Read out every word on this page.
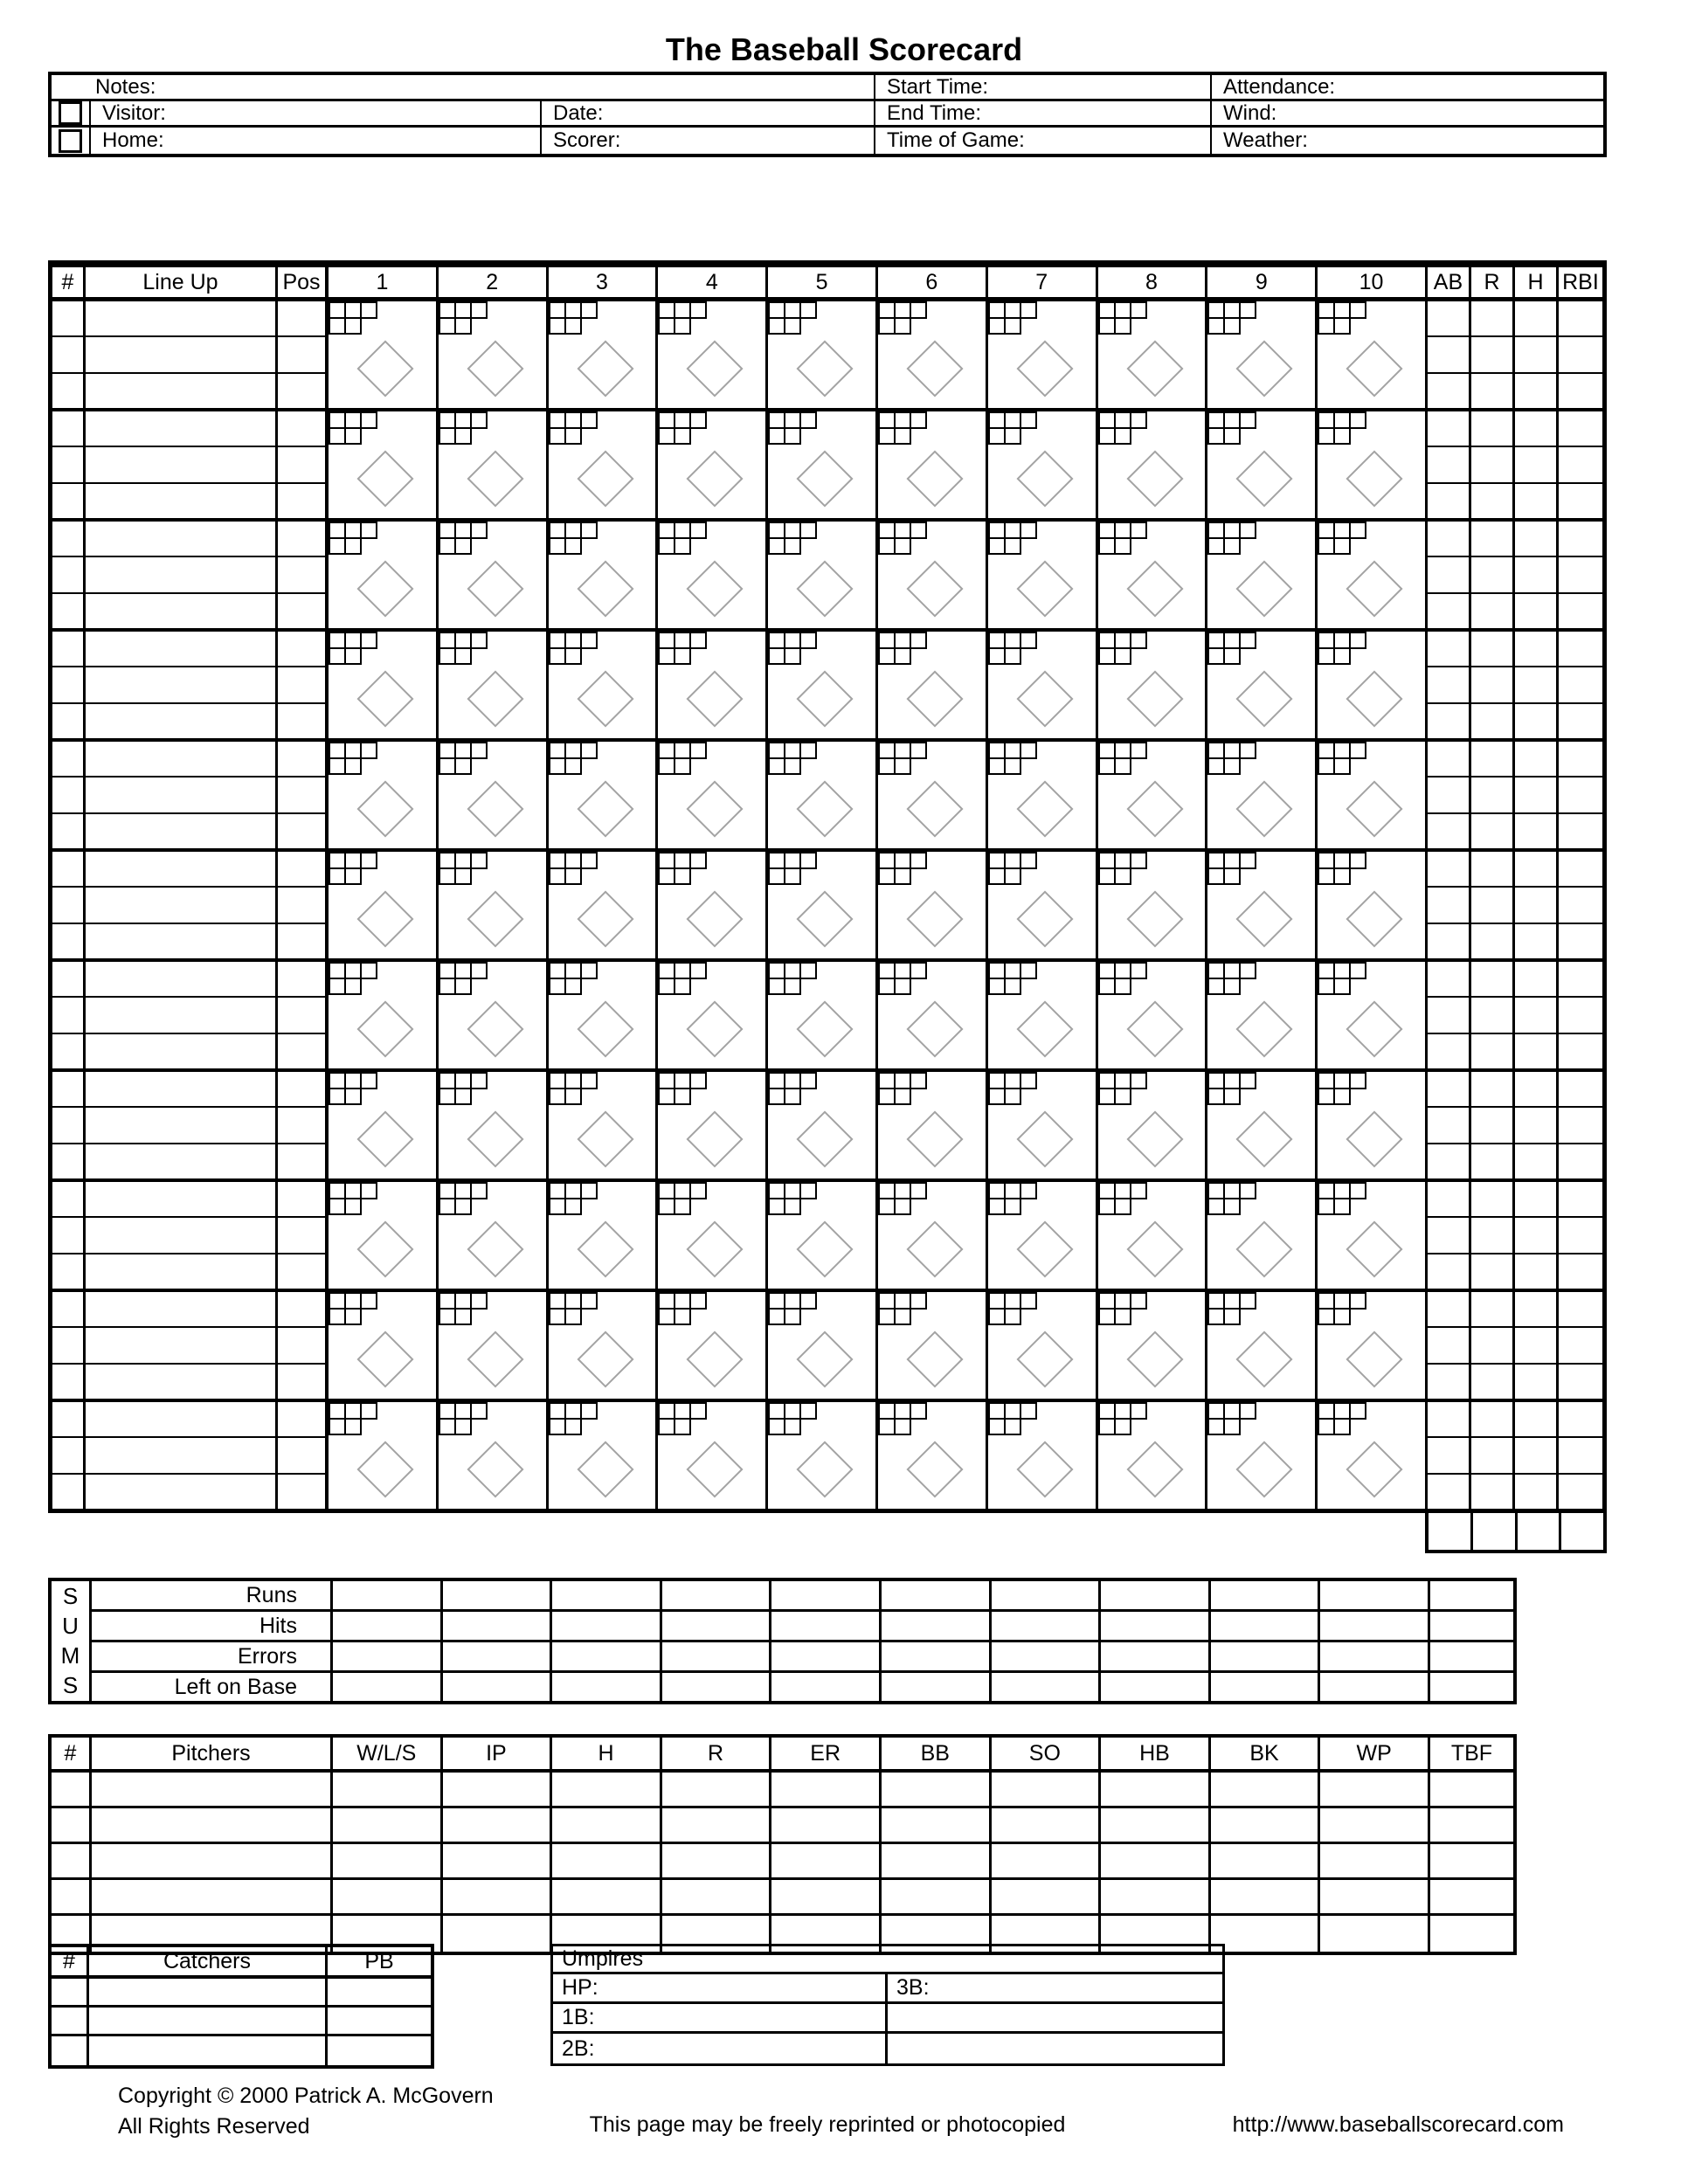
The Baseball Scorecard
Notes:	Start Time:	Attendance:
Visitor:	Date:	End Time:	Wind:
Home:	Scorer:	Time of Game:	Weather:
#	Line Up	Pos	1	2	3	4	5	6	7	8	9	10	AB R	H RBI
S
U
M
S
Runs
Hits
Errors
Left on Base
#	Pitchers	W/L/S	IP	H	R	ER	BB	SO	HB	BK	WP	TBF
#	Catchers	PB	Umpires
HP:	3B:
1B:
2B:
Copyright © 2000 Patrick A. McGovern
All Rights Reserved	This page may be freely reprinted or photocopied	http://www.baseballscorecard.com
